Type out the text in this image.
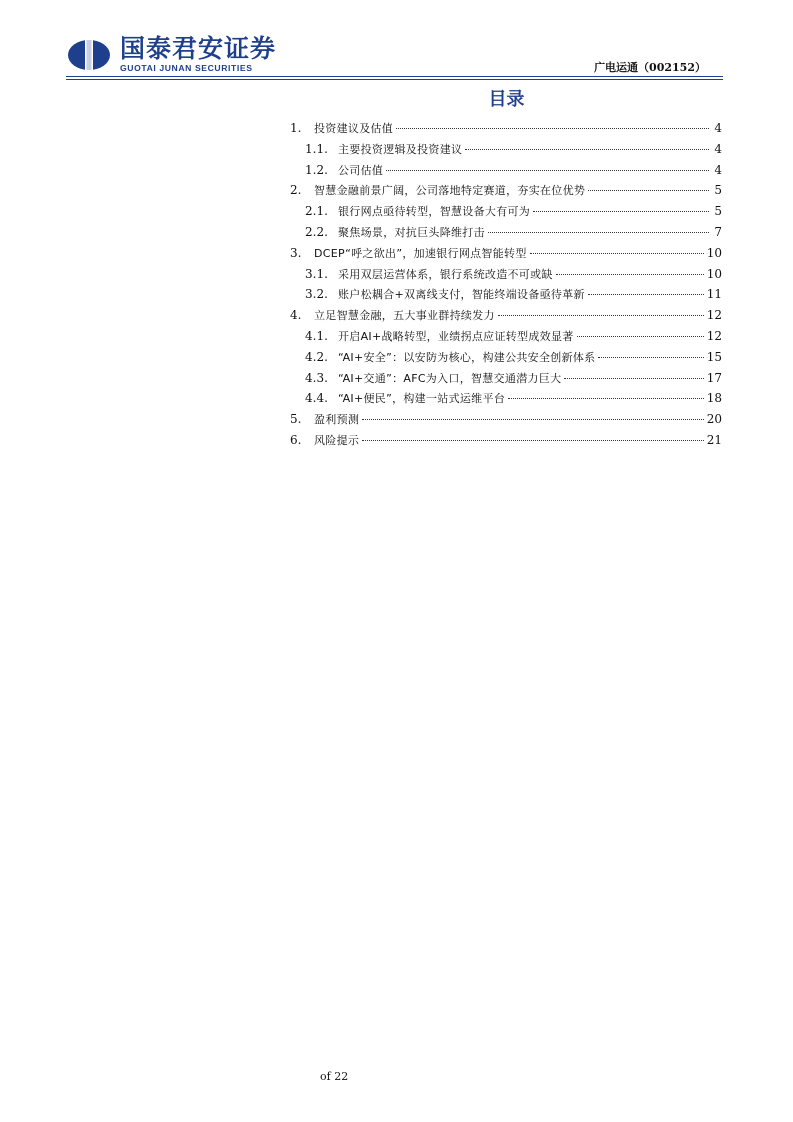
国泰君安证券
GUOTAI JUNAN SECURITIES	广电运通（002152）
目录
1.	投资建议及估值	4
1.1. 主要投资逻辑及投资建议	4
1.2. 公司估值	4
2.	智慧金融前景广阔，公司落地特定赛道，夯实在位优势	5
2.1. 银行网点亟待转型，智慧设备大有可为	5
2.2. 聚焦场景，对抗巨头降维打击	7
3.	DCEP“呼之欲出”，加速银行网点智能转型	10
3.1. 采用双层运营体系，银行系统改造不可或缺	10
3.2. 账户松耦合+双离线支付，智能终端设备亟待革新	11
4.	立足智慧金融，五大事业群持续发力	12
4.1. 开启AI+战略转型，业绩拐点应证转型成效显著	12
4.2. “AI+安全”：以安防为核心，构建公共安全创新体系	15
4.3. “AI+交通”：AFC为入口，智慧交通潜力巨大	17
4.4. “AI+便民”，构建一站式运维平台	18
5.	盈利预测	20
6.	风险提示	21
of 22
